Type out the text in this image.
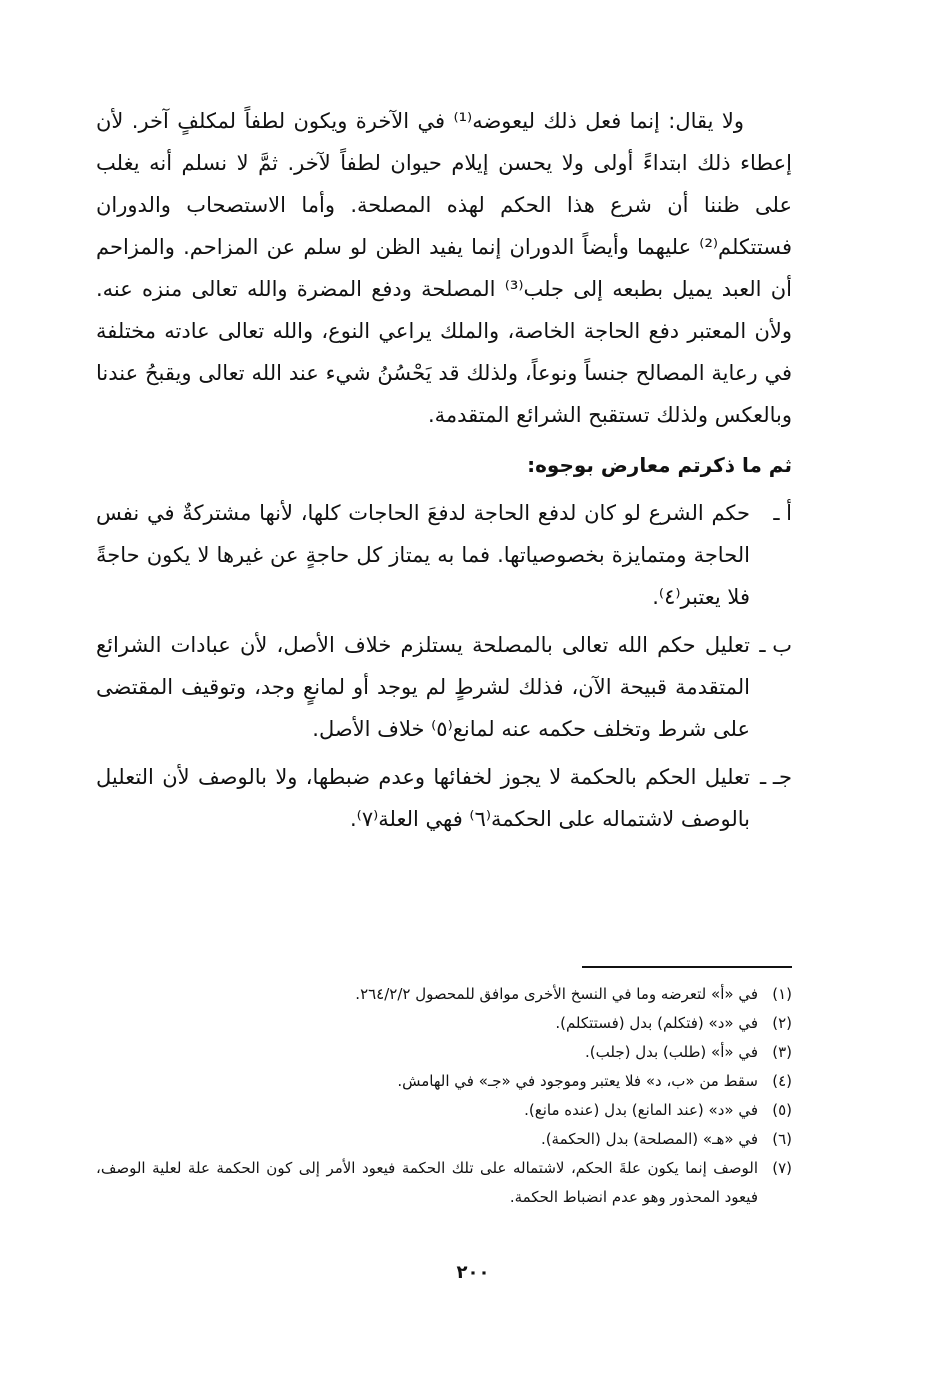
ولا يقال: إنما فعل ذلك ليعوضه⁽¹⁾ في الآخرة ويكون لطفاً لمكلفٍ آخر. لأن إعطاء ذلك ابتداءً أولى ولا يحسن إيلام حيوان لطفاً لآخر. ثمَّ لا نسلم أنه يغلب على ظننا أن شرع هذا الحكم لهذه المصلحة. وأما الاستصحاب والدوران فستتكلم⁽²⁾ عليهما وأيضاً الدوران إنما يفيد الظن لو سلم عن المزاحم. والمزاحم أن العبد يميل بطبعه إلى جلب⁽³⁾ المصلحة ودفع المضرة والله تعالى منزه عنه. ولأن المعتبر دفع الحاجة الخاصة، والملك يراعي النوع، والله تعالى عادته مختلفة في رعاية المصالح جنساً ونوعاً، ولذلك قد يَحْسُنُ شيء عند الله تعالى ويقبحُ عندنا وبالعكس ولذلك تستقبح الشرائع المتقدمة.

ثم ما ذكرتم معارض بوجوه:

أ ـ
حكم الشرع لو كان لدفع الحاجة لدفعَ الحاجات كلها، لأنها مشتركةٌ في نفس الحاجة ومتمايزة بخصوصياتها. فما به يمتاز كل حاجةٍ عن غيرها لا يكون حاجةً فلا يعتبر⁽٤⁾.
ب ـ
تعليل حكم الله تعالى بالمصلحة يستلزم خلاف الأصل، لأن عبادات الشرائع المتقدمة قبيحة الآن، فذلك لشرطٍ لم يوجد أو لمانعٍ وجد، وتوقيف المقتضى على شرط وتخلف حكمه عنه لمانع⁽٥⁾ خلاف الأصل.
جـ ـ
تعليل الحكم بالحكمة لا يجوز لخفائها وعدم ضبطها، ولا بالوصف لأن التعليل بالوصف لاشتماله على الحكمة⁽٦⁾ فهي العلة⁽٧⁾.
(١)
في «أ» لتعرضه وما في النسخ الأخرى موافق للمحصول ٢٦٤/٢/٢.
(٢)
في «د» (فتكلم) بدل (فستتكلم).
(٣)
في «أ» (طلب) بدل (جلب).
(٤)
سقط من «ب، د» فلا يعتبر وموجود في «جـ» في الهامش.
(٥)
في «د» (عند المانع) بدل (عنده مانع).
(٦)
في «هـ» (المصلحة) بدل (الحكمة).
(٧)
الوصف إنما يكون علةَ الحكم، لاشتماله على تلك الحكمة فيعود الأمر إلى كون الحكمة علة لعلية الوصف، فيعود المحذور وهو عدم انضباط الحكمة.
٢٠٠
